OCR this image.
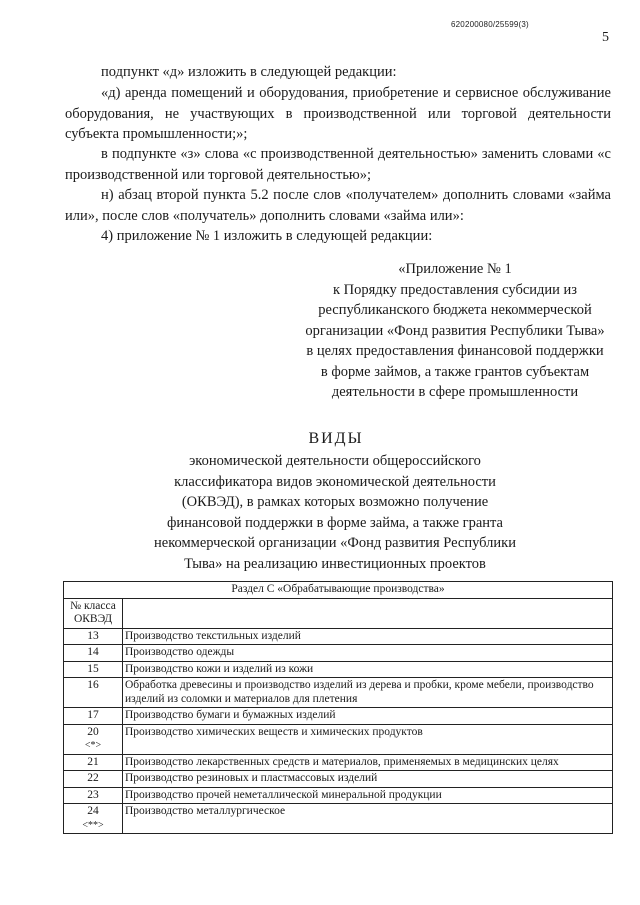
620200080/25599(3)
5

подпункт «д» изложить в следующей редакции:

«д) аренда помещений и оборудования, приобретение и сервисное обслуживание оборудования, не участвующих в производственной или торговой деятельности субъекта промышленности;»;

в подпункте «з» слова «с производственной деятельностью» заменить словами «с производственной или торговой деятельностью»;

н) абзац второй пункта 5.2 после слов «получателем» дополнить словами «займа или», после слов «получатель» дополнить словами «займа или»:

4) приложение № 1 изложить в следующей редакции:

«Приложение № 1
к Порядку предоставления субсидии из
республиканского бюджета некоммерческой
организации «Фонд развития Республики Тыва»
в целях предоставления финансовой поддержки
в форме займов, а также грантов субъектам
деятельности в сфере промышленности
ВИДЫ
экономической деятельности общероссийского
классификатора видов экономической деятельности
(ОКВЭД), в рамках которых возможно получение
финансовой поддержки в форме займа, а также гранта
некоммерческой организации «Фонд развития Республики
Тыва» на реализацию инвестиционных проектов
Раздел С «Обрабатывающие производства»	

№ класса
ОКВЭД	

13	Производство текстильных изделий
14	Производство одежды
15	Производство кожи и изделий из кожи
16	Обработка древесины и производство изделий из дерева и пробки, кроме мебели, производство изделий из соломки и материалов для плетения
17	Производство бумаги и бумажных изделий

20
<*>	Производство химических веществ и химических продуктов
21	Производство лекарственных средств и материалов, применяемых в медицинских целях
22	Производство резиновых и пластмассовых изделий
23	Производство прочей неметаллической минеральной продукции

24
<**>	Производство металлургическое
